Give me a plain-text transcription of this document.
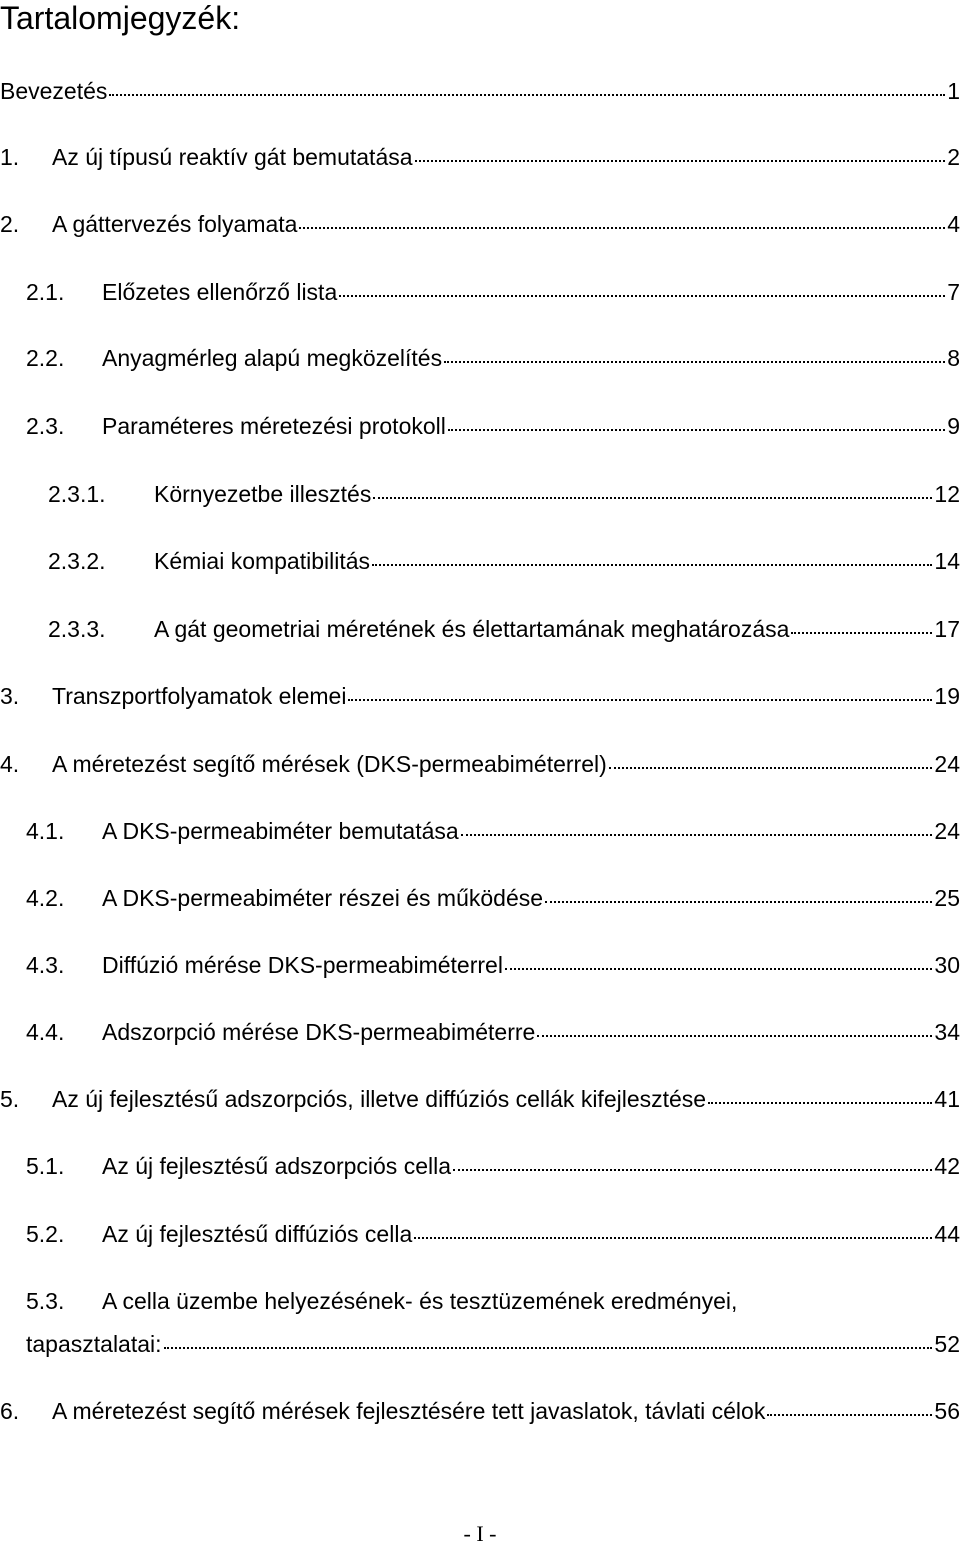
Tartalomjegyzék:
Bevezetés	1
1.	Az új típusú reaktív gát bemutatása	2
2.	A gáttervezés folyamata	4
2.1.	Előzetes ellenőrző lista	7
2.2.	Anyagmérleg alapú megközelítés	8
2.3.	Paraméteres méretezési protokoll	9
2.3.1.	Környezetbe illesztés	12
2.3.2.	Kémiai kompatibilitás	14
2.3.3.	A gát geometriai méretének és élettartamának meghatározása	17
3.	Transzportfolyamatok elemei	19
4.	A méretezést segítő mérések (DKS-permeabiméterrel)	24
4.1.	A DKS-permeabiméter bemutatása	24
4.2.	A DKS-permeabiméter részei és működése	25
4.3.	Diffúzió mérése DKS-permeabiméterrel	30
4.4.	Adszorpció mérése DKS-permeabiméterre	34
5.	Az új fejlesztésű adszorpciós, illetve diffúziós cellák kifejlesztése	41
5.1.	Az új fejlesztésű adszorpciós cella	42
5.2.	Az új fejlesztésű diffúziós cella	44
5.3. A cella üzembe helyezésének- és tesztüzemének eredményei,
tapasztalatai:	52
6.	A méretezést segítő mérések fejlesztésére tett javaslatok, távlati célok	56
- I -
